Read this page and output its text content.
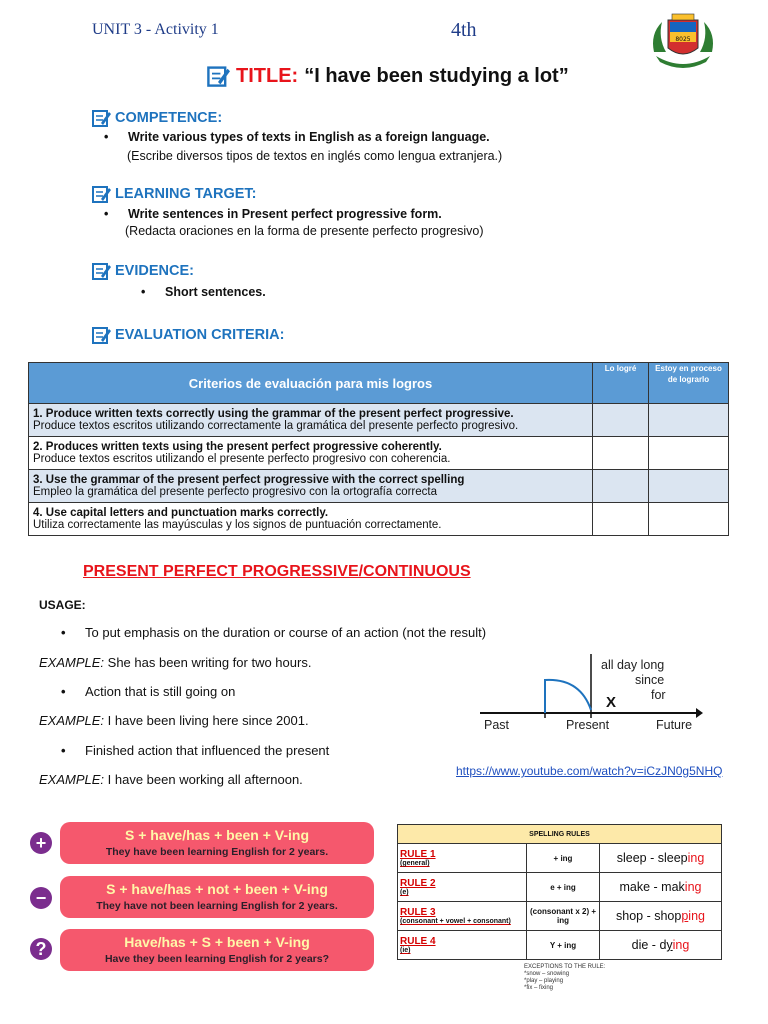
UNIT 3 - Activity 1	4th	8025
TITLE: “I have been studying a lot”
COMPETENCE:
• Write various types of texts in English as a foreign language.
(Escribe diversos tipos de textos en inglés como lengua extranjera.)
LEARNING TARGET:
• Write sentences in Present perfect progressive form.
(Redacta oraciones en la forma de presente perfecto progresivo)
EVIDENCE:
• Short sentences.
EVALUATION CRITERIA:
Criterios de evaluación para mis logros	Lo logré	Estoy en proceso de lograrlo

1. Produce written texts correctly using the grammar of the present perfect progressive.
Produce textos escritos utilizando correctamente la gramática del presente perfecto progresivo.		

2. Produces written texts using the present perfect progressive coherently.
Produce textos escritos utilizando el presente perfecto progresivo con coherencia.		

3. Use the grammar of the present perfect progressive with the correct spelling
Empleo la gramática del presente perfecto progresivo con la ortografía correcta		

4. Use capital letters and punctuation marks correctly.
Utiliza correctamente las mayúsculas y los signos de puntuación correctamente.		
PRESENT PERFECT PROGRESSIVE/CONTINUOUS
USAGE:
• To put emphasis on the duration or course of an action (not the result)
EXAMPLE: She has been writing for two hours.
• Action that is still going on
EXAMPLE: I have been living here since 2001.
• Finished action that influenced the present
EXAMPLE: I have been working all afternoon.
all day long
since
for
X
Past	Present	Future
https://www.youtube.com/watch?v=iCzJN0g5NHQ
+	S + have/has + been + V-ing
They have been learning English for 2 years.
−	S + have/has + not + been + V-ing
They have not been learning English for 2 years.
?	Have/has + S + been + V-ing
Have they been learning English for 2 years?
SPELLING RULES		
RULE 1
(general)	+ ing	sleep - sleeping
RULE 2
(e)	e + ing	make - making
RULE 3
(consonant + vowel + consonant)	(consonant x 2) + ing	shop - shopping
RULE 4
(ie)	Y + ing	die - dying
EXCEPTIONS TO THE RULE:
*snow – snowing
*play – playing
*fix – fixing
